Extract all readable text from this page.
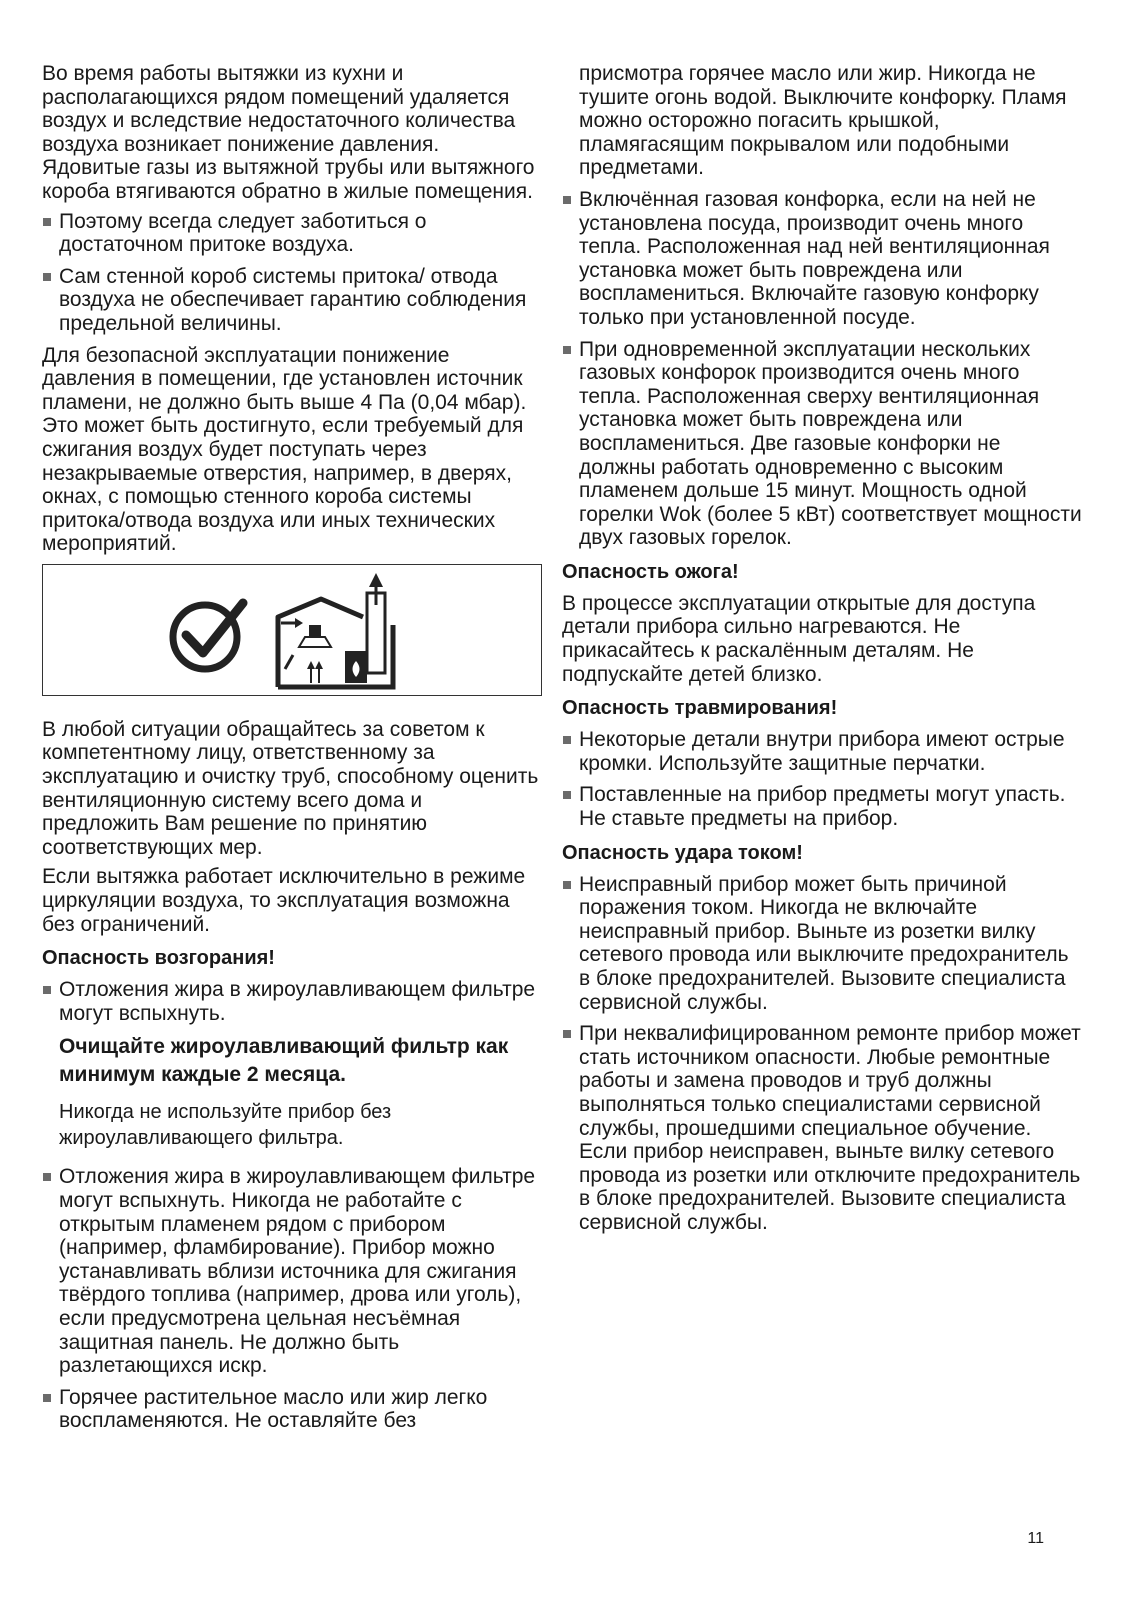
Во время работы вытяжки из кухни и располагающихся рядом помещений удаляется воздух и вследствие недостаточного количества воздуха возникает понижение давления. Ядовитые газы из вытяжной трубы или вытяжного короба втягиваются обратно в жилые помещения.

Поэтому всегда следует заботиться о достаточном притоке воздуха.
Сам стенной короб системы притока/ отвода воздуха не обеспечивает гарантию соблюдения предельной величины.

Для безопасной эксплуатации понижение давления в помещении, где установлен источник пламени, не должно быть выше 4 Па (0,04 мбар). Это может быть достигнуто, если требуемый для сжигания воздух будет поступать через незакрываемые отверстия, например, в дверях, окнах, с помощью стенного короба системы притока/отвода воздуха или иных технических мероприятий.

В любой ситуации обращайтесь за советом к компетентному лицу, ответственному за эксплуатацию и очистку труб, способному оценить вентиляционную систему всего дома и предложить Вам решение по принятию соответствующих мер.

Если вытяжка работает исключительно в режиме циркуляции воздуха, то эксплуатация возможна без ограничений.

Опасность возгорания!
Отложения жира в жироулавливающем фильтре могут вспыхнуть.
Очищайте жироулавливающий фильтр как минимум каждые 2 месяца.
Никогда не используйте прибор без жироулавливающего фильтра.
Отложения жира в жироулавливающем фильтре могут вспыхнуть. Никогда не работайте с открытым пламенем рядом с прибором (например, фламбирование). Прибор можно устанавливать вблизи источника для сжигания твёрдого топлива (например, дрова или уголь), если предусмотрена цельная несъёмная защитная панель. Не должно быть разлетающихся искр.
Горячее растительное масло или жир легко воспламеняются. Не оставляйте без
присмотра горячее масло или жир. Никогда не тушите огонь водой. Выключите конфорку. Пламя можно осторожно погасить крышкой, пламягасящим покрывалом или подобными предметами.
Включённая газовая конфорка, если на ней не установлена посуда, производит очень много тепла. Расположенная над ней вентиляционная установка может быть повреждена или воспламениться. Включайте газовую конфорку только при установленной посуде.
При одновременной эксплуатации нескольких газовых конфорок производится очень много тепла. Расположенная сверху вентиляционная установка может быть повреждена или воспламениться. Две газовые конфорки не должны работать одновременно с высоким пламенем дольше 15 минут. Мощность одной горелки Wok (более 5 кВт) соответствует мощности двух газовых горелок.
Опасность ожога!

В процессе эксплуатации открытые для доступа детали прибора сильно нагреваются. Не прикасайтесь к раскалённым деталям. Не подпускайте детей близко.

Опасность травмирования!
Некоторые детали внутри прибора имеют острые кромки. Используйте защитные перчатки.
Поставленные на прибор предметы могут упасть. Не ставьте предметы на прибор.
Опасность удара током!
Неисправный прибор может быть причиной поражения током. Никогда не включайте неисправный прибор. Выньте из розетки вилку сетевого провода или выключите предохранитель в блоке предохранителей. Вызовите специалиста сервисной службы.
При неквалифицированном ремонте прибор может стать источником опасности. Любые ремонтные работы и замена проводов и труб должны выполняться только специалистами сервисной службы, прошедшими специальное обучение. Если прибор неисправен, выньте вилку сетевого провода из розетки или отключите предохранитель в блоке предохранителей. Вызовите специалиста сервисной службы.
11
